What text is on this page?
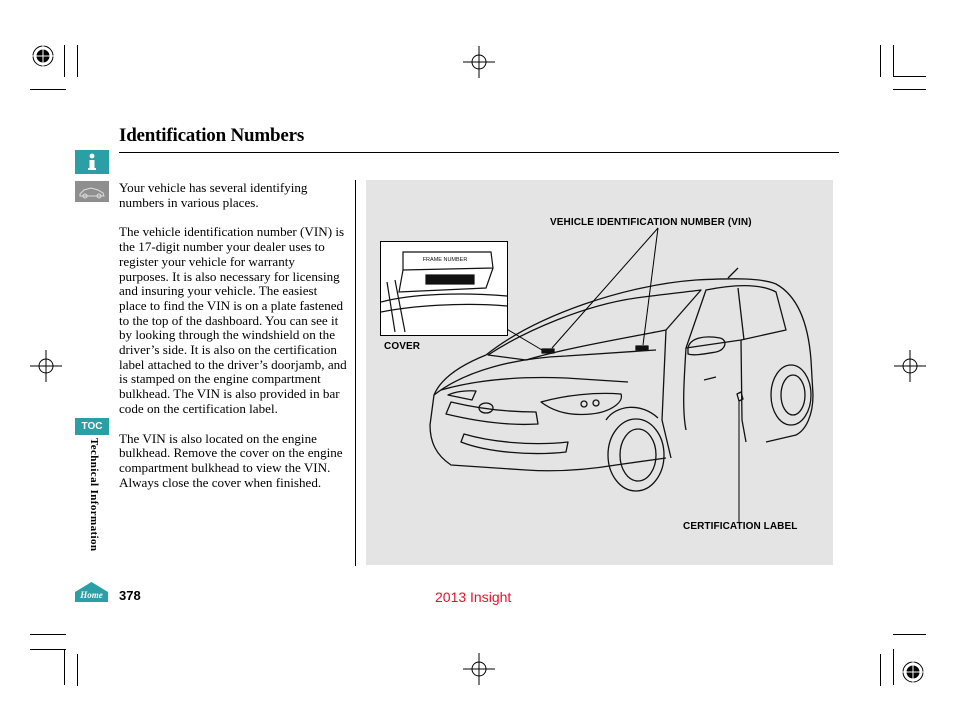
TOC
Technical Information
Home
Identification Numbers

Your vehicle has several identifying numbers in various places.

The vehicle identification number (VIN) is the 17-digit number your dealer uses to register your vehicle for warranty purposes. It is also necessary for licensing and insuring your vehicle. The easiest place to find the VIN is on a plate fastened to the top of the dashboard. You can see it by looking through the windshield on the driver’s side. It is also on the certification label attached to the driver’s doorjamb, and is stamped on the engine compartment bulkhead. The VIN is also provided in bar code on the certification label.

The VIN is also located on the engine bulkhead. Remove the cover on the engine compartment bulkhead to view the VIN. Always close the cover when finished.

FRAME NUMBER
VEHICLE IDENTIFICATION NUMBER (VIN)
COVER
CERTIFICATION LABEL
378	2013 Insight
